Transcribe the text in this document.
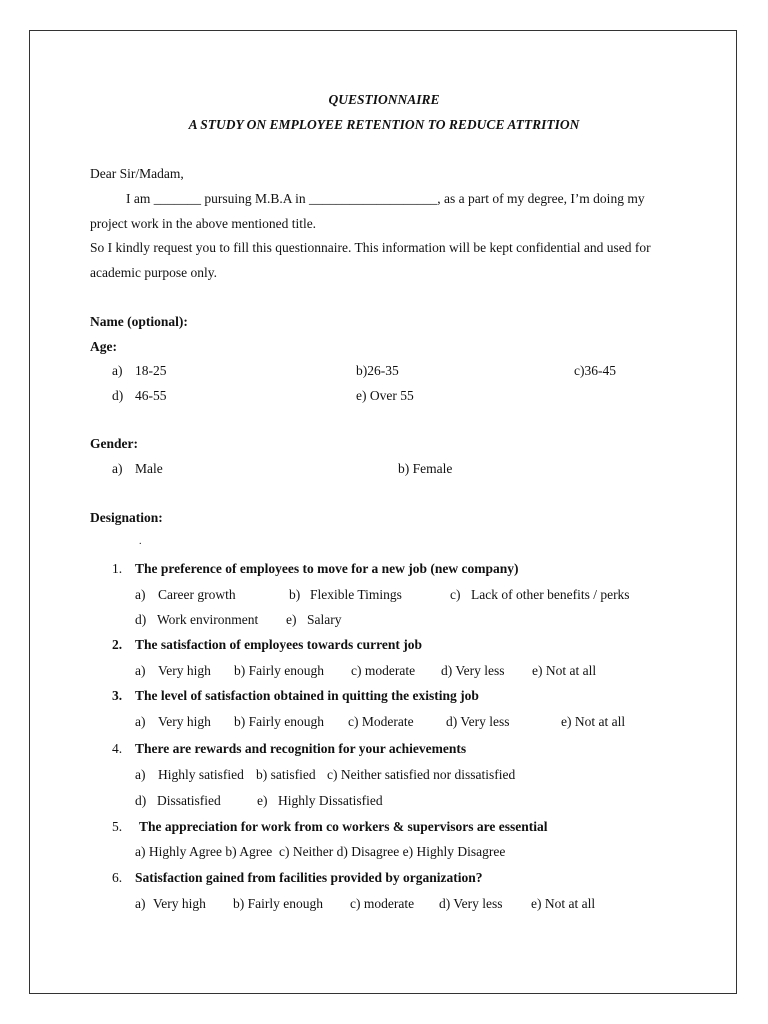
QUESTIONNAIRE
A STUDY ON EMPLOYEE RETENTION TO REDUCE ATTRITION
Dear Sir/Madam,
I am _______ pursuing M.B.A in ___________________, as a part of my degree, I’m doing my
project work in the above mentioned title.
So I kindly request you to fill this questionnaire. This information will be kept confidential and used for
academic purpose only.
Name (optional):
Age:
a) 18-25	b)26-35	c)36-45
d) 46-55	e) Over 55
Gender:
a) Male	b) Female
Designation:
.
1. The preference of employees to move for a new job (new company)
a) Career growth	b) Flexible Timings	c) Lack of other benefits / perks
d) Work environment e) Salary
2. The satisfaction of employees towards current job
a) Very high b) Fairly enough c) moderate d) Very less e) Not at all
3. The level of satisfaction obtained in quitting the existing job
a) Very high b) Fairly enough c) Moderate d) Very less	e) Not at all
4. There are rewards and recognition for your achievements
a) Highly satisfied b) satisfied c) Neither satisfied nor dissatisfied
d) Dissatisfied	e) Highly Dissatisfied
5. The appreciation for work from co workers & supervisors are essential
a) Highly Agree b) Agree  c) Neither d) Disagree e) Highly Disagree
6. Satisfaction gained from facilities provided by organization?
a) Very high b) Fairly enough c) moderate d) Very less e) Not at all
